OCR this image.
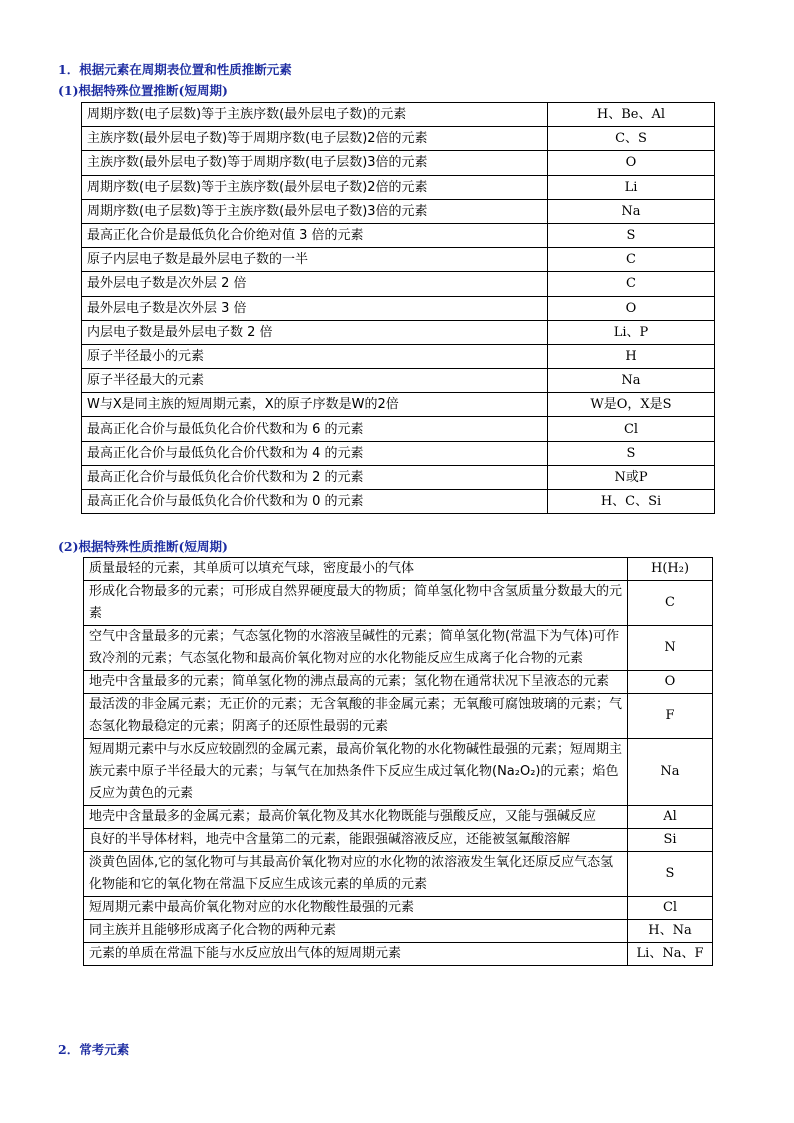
1．根据元素在周期表位置和性质推断元素
(1)根据特殊位置推断(短周期)
周期序数(电子层数)等于主族序数(最外层电子数)的元素	H、Be、Al
主族序数(最外层电子数)等于周期序数(电子层数)2倍的元素	C、S
主族序数(最外层电子数)等于周期序数(电子层数)3倍的元素	O
周期序数(电子层数)等于主族序数(最外层电子数)2倍的元素	Li
周期序数(电子层数)等于主族序数(最外层电子数)3倍的元素	Na
最高正化合价是最低负化合价绝对值 3 倍的元素	S
原子内层电子数是最外层电子数的一半	C
最外层电子数是次外层 2 倍	C
最外层电子数是次外层 3 倍	O
内层电子数是最外层电子数 2 倍	Li、P
原子半径最小的元素	H
原子半径最大的元素	Na
W与X是同主族的短周期元素，X的原子序数是W的2倍	W是O，X是S
最高正化合价与最低负化合价代数和为 6 的元素	Cl
最高正化合价与最低负化合价代数和为 4 的元素	S
最高正化合价与最低负化合价代数和为 2 的元素	N或P
最高正化合价与最低负化合价代数和为 0 的元素	H、C、Si
(2)根据特殊性质推断(短周期)
质量最轻的元素，其单质可以填充气球，密度最小的气体	H(H₂)
形成化合物最多的元素；可形成自然界硬度最大的物质；简单氢化物中含氢质量分数最大的元素	C
空气中含量最多的元素；气态氢化物的水溶液呈碱性的元素；简单氢化物(常温下为气体)可作致冷剂的元素；气态氢化物和最高价氧化物对应的水化物能反应生成离子化合物的元素	N
地壳中含量最多的元素；简单氢化物的沸点最高的元素；氢化物在通常状况下呈液态的元素	O
最活泼的非金属元素；无正价的元素；无含氧酸的非金属元素；无氧酸可腐蚀玻璃的元素；气态氢化物最稳定的元素；阴离子的还原性最弱的元素	F
短周期元素中与水反应较剧烈的金属元素，最高价氧化物的水化物碱性最强的元素；短周期主族元素中原子半径最大的元素；与氧气在加热条件下反应生成过氧化物(Na₂O₂)的元素；焰色反应为黄色的元素	Na
地壳中含量最多的金属元素；最高价氧化物及其水化物既能与强酸反应，又能与强碱反应	Al
良好的半导体材料，地壳中含量第二的元素，能跟强碱溶液反应，还能被氢氟酸溶解	Si
淡黄色固体,它的氢化物可与其最高价氧化物对应的水化物的浓溶液发生氧化还原反应气态氢化物能和它的氧化物在常温下反应生成该元素的单质的元素	S
短周期元素中最高价氧化物对应的水化物酸性最强的元素	Cl
同主族并且能够形成离子化合物的两种元素	H、Na
元素的单质在常温下能与水反应放出气体的短周期元素	Li、Na、F
2．常考元素
